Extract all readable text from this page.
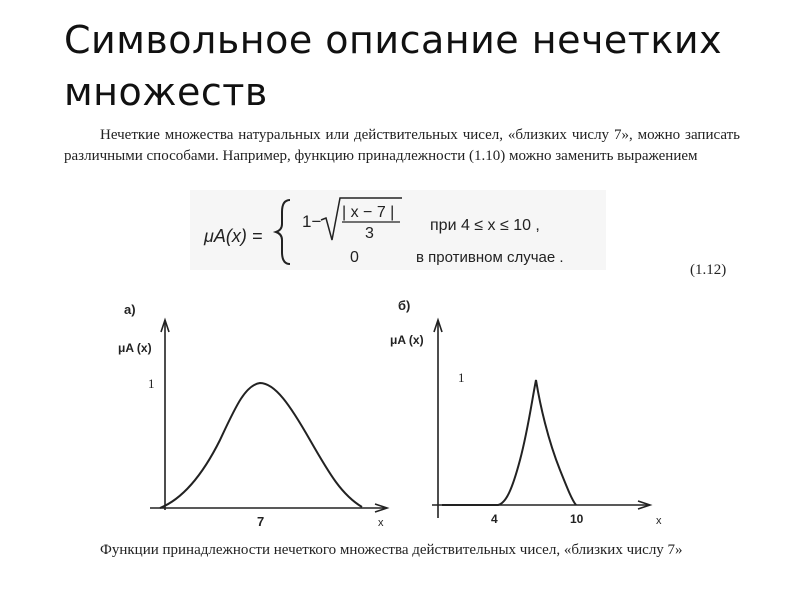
Символьное описание нечетких множеств
Нечеткие множества натуральных или действительных чисел, «близких числу 7», можно записать различными способами. Например, функцию принадлежности (1.10) можно заменить выражением
μA(x) =
1− | x − 7 |
3	при 4 ≤ x ≤ 10 ,
0	в противном случае .
(1.12)
а)
μA (x)
1
7	x
б)
μA (x)
1
4	10	x
Функции принадлежности нечеткого множества действительных чисел, «близких числу 7»
